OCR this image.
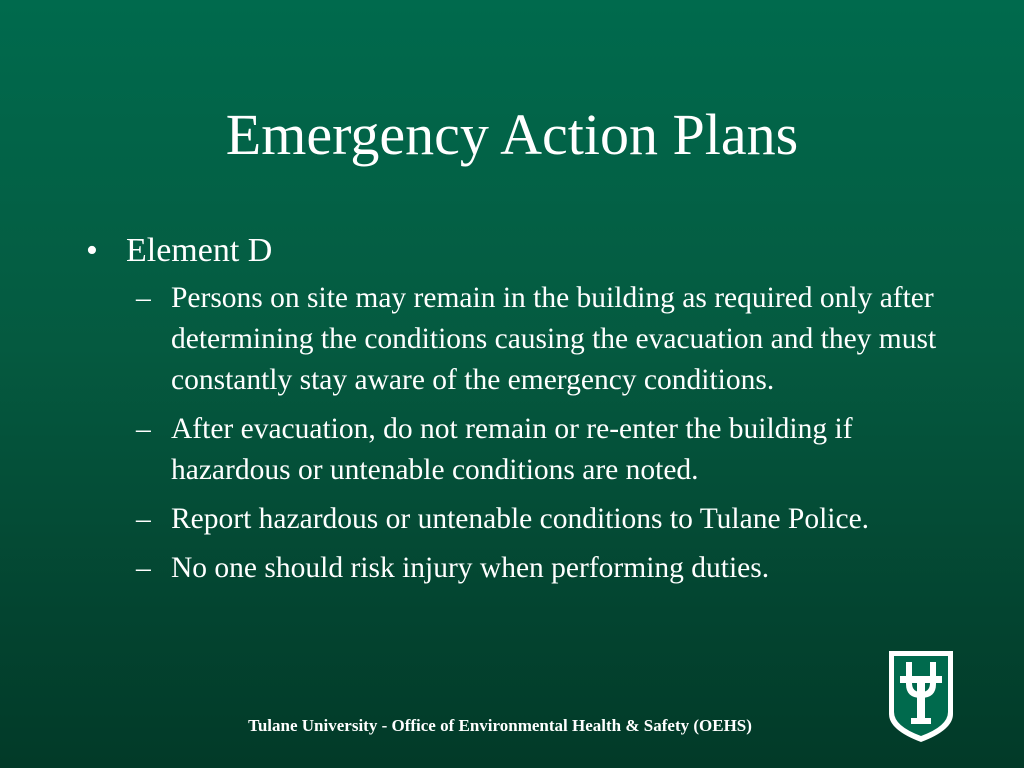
Emergency Action Plans
• Element D
– Persons on site may remain in the building as required only after determining the conditions causing the evacuation and they must constantly stay aware of the emergency conditions.
– After evacuation, do not remain or re-enter the building if hazardous or untenable conditions are noted.
– Report hazardous or untenable conditions to Tulane Police.
– No one should risk injury when performing duties.
Tulane University - Office of Environmental Health & Safety (OEHS)
